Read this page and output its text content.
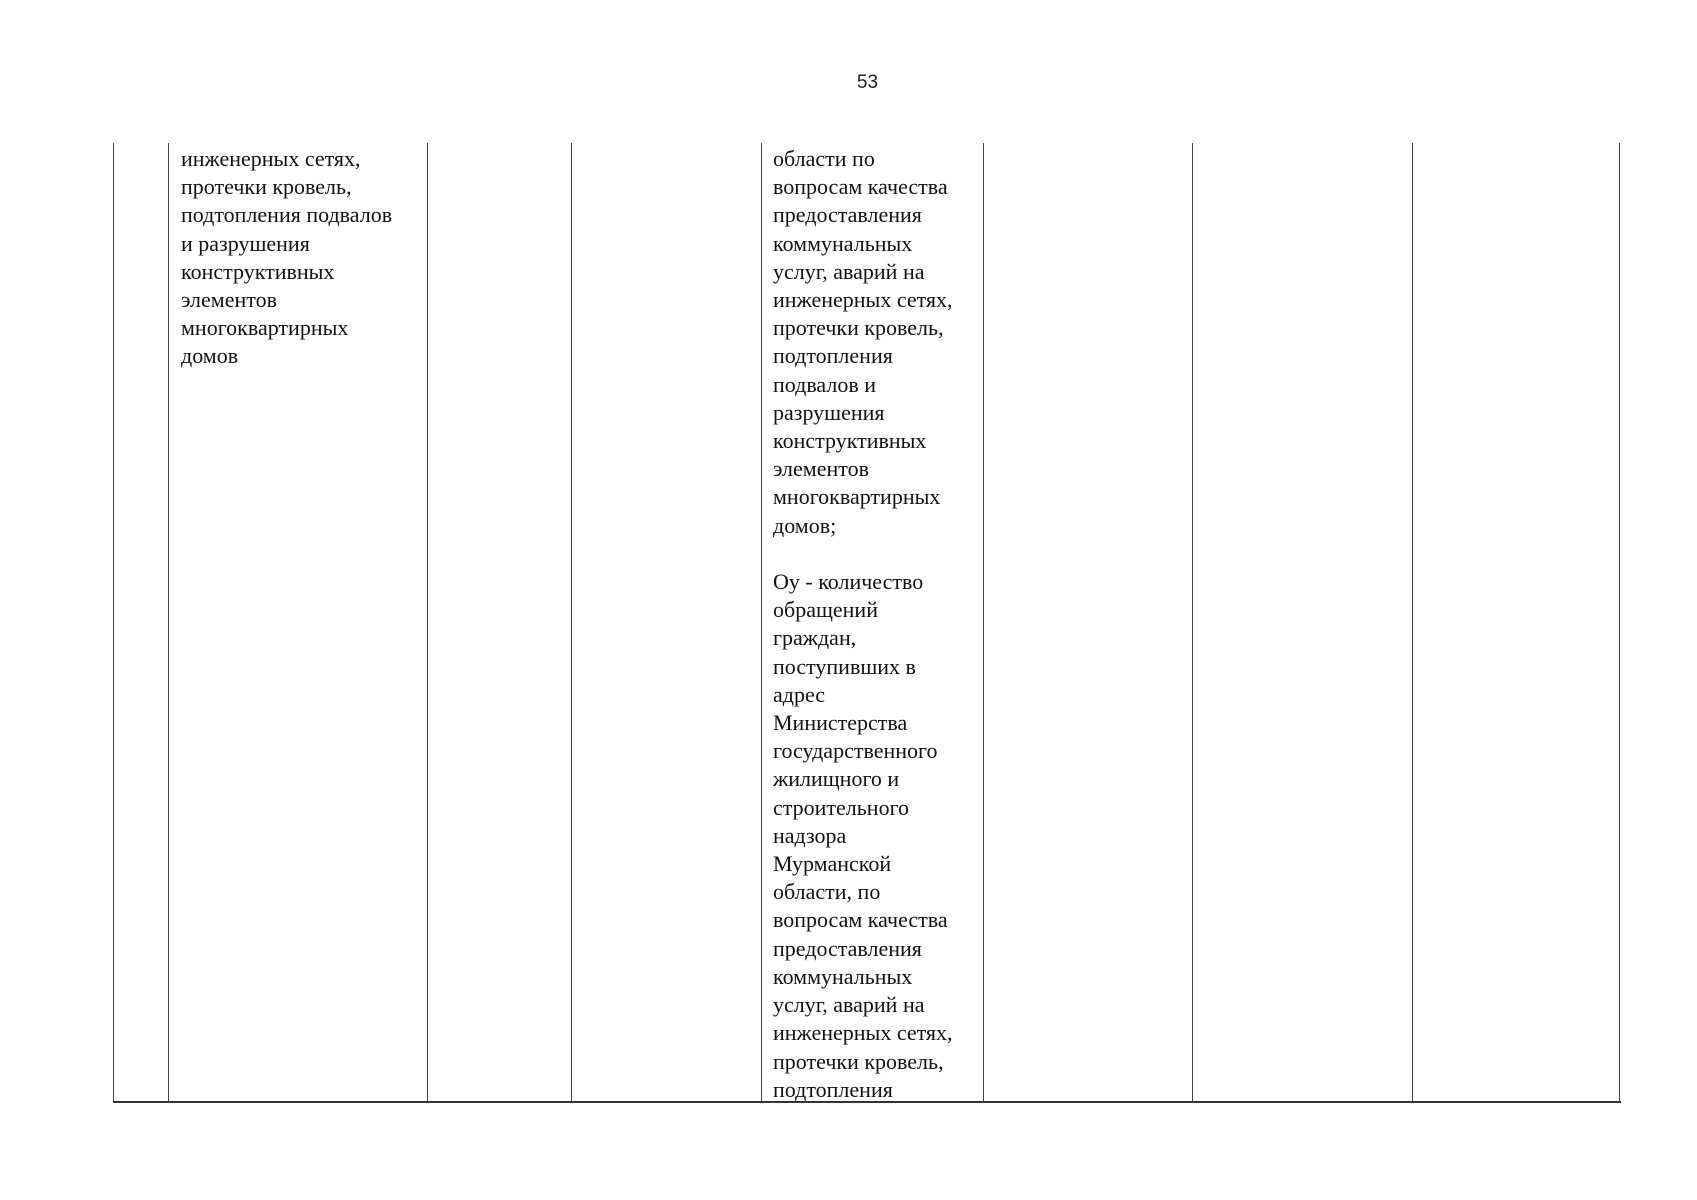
53
инженерных сетях,
протечки кровель,
подтопления подвалов
и разрушения
конструктивных
элементов
многоквартирных
домов
области по
вопросам качества
предоставления
коммунальных
услуг, аварий на
инженерных сетях,
протечки кровель,
подтопления
подвалов и
разрушения
конструктивных
элементов
многоквартирных
домов;

Оу - количество
обращений
граждан,
поступивших в
адрес
Министерства
государственного
жилищного и
строительного
надзора
Мурманской
области, по
вопросам качества
предоставления
коммунальных
услуг, аварий на
инженерных сетях,
протечки кровель,
подтопления
